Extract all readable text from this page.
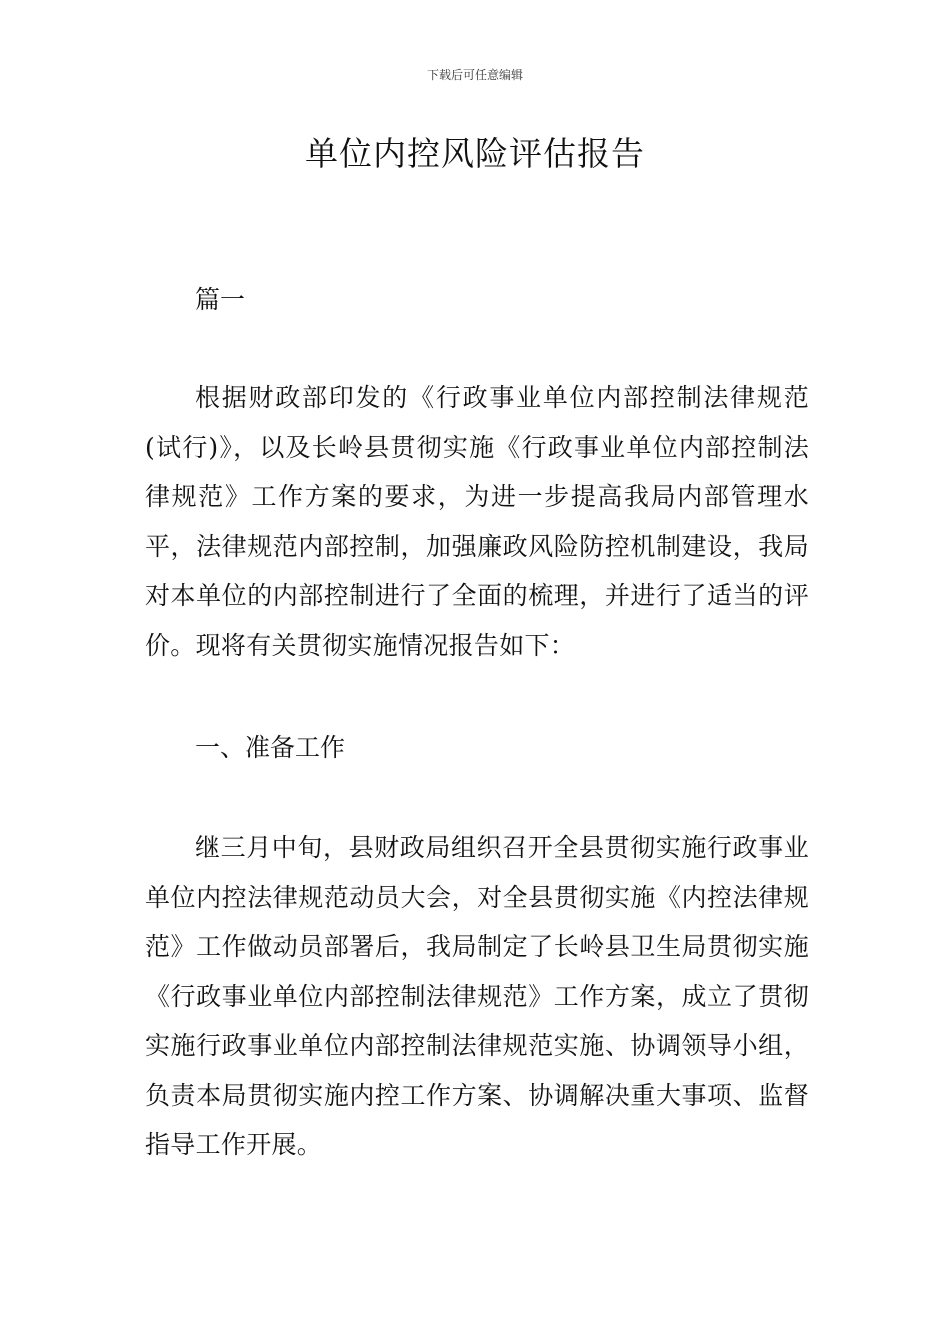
下载后可任意编辑
单位内控风险评估报告
篇一
根据财政部印发的《行政事业单位内部控制法律规范(试行)》，以及长岭县贯彻实施《行政事业单位内部控制法律规范》工作方案的要求，为进一步提高我局内部管理水平，法律规范内部控制，加强廉政风险防控机制建设，我局对本单位的内部控制进行了全面的梳理，并进行了适当的评价。现将有关贯彻实施情况报告如下：
一、准备工作
继三月中旬，县财政局组织召开全县贯彻实施行政事业单位内控法律规范动员大会，对全县贯彻实施《内控法律规范》工作做动员部署后，我局制定了长岭县卫生局贯彻实施《行政事业单位内部控制法律规范》工作方案，成立了贯彻实施行政事业单位内部控制法律规范实施、协调领导小组，负责本局贯彻实施内控工作方案、协调解决重大事项、监督指导工作开展。
